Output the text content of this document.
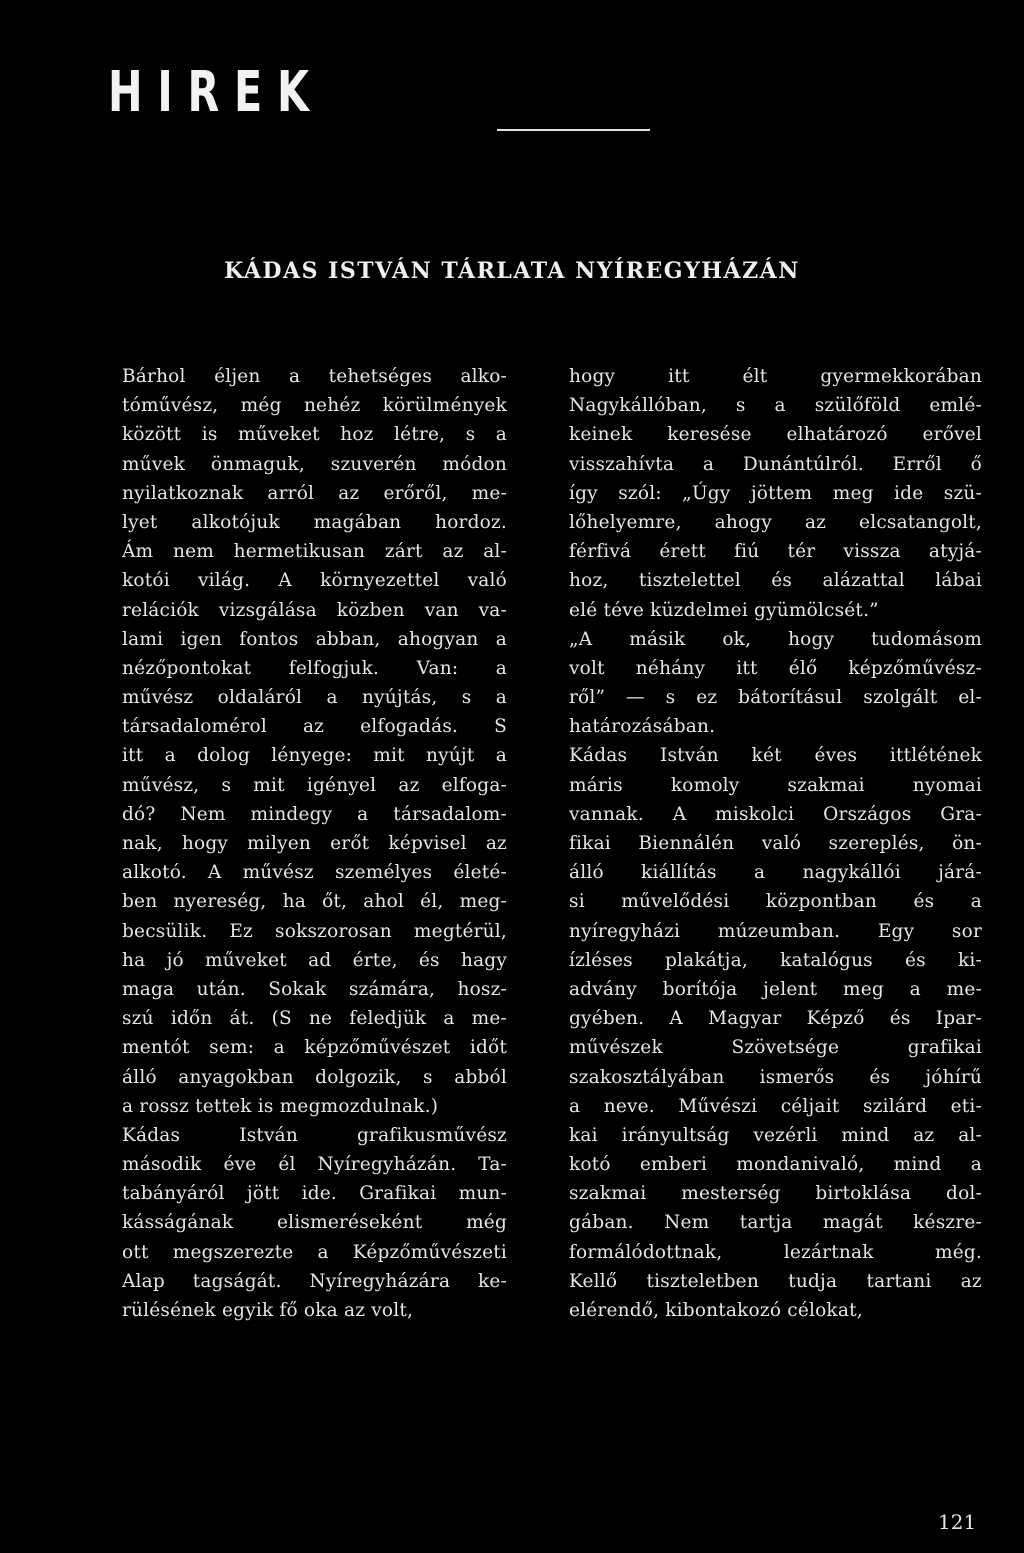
HIREK
KÁDAS ISTVÁN TÁRLATA NYÍREGYHÁZÁN
Bárhol éljen a tehetséges alko-
tóművész, még nehéz körülmények
között is műveket hoz létre, s a
művek önmaguk, szuverén módon
nyilatkoznak arról az erőről, me-
lyet alkotójuk magában hordoz.
Ám nem hermetikusan zárt az al-
kotói világ. A környezettel való
relációk vizsgálása közben van va-
lami igen fontos abban, ahogyan a
nézőpontokat felfogjuk. Van: a
művész oldaláról a nyújtás, s a
társadalomérol az elfogadás. S
itt a dolog lényege: mit nyújt a
művész, s mit igényel az elfoga-
dó? Nem mindegy a társadalom-
nak, hogy milyen erőt képvisel az
alkotó. A művész személyes életé-
ben nyereség, ha őt, ahol él, meg-
becsülik. Ez sokszorosan megtérül,
ha jó műveket ad érte, és hagy
maga után. Sokak számára, hosz-
szú időn át. (S ne feledjük a me-
mentót sem: a képzőművészet időt
álló anyagokban dolgozik, s abból
a rossz tettek is megmozdulnak.)
Kádas István grafikusművész
második éve él Nyíregyházán. Ta-
tabányáról jött ide. Grafikai mun-
kásságának elismeréseként még
ott megszerezte a Képzőművészeti
Alap tagságát. Nyíregyházára ke-
rülésének egyik fő oka az volt,
hogy itt élt gyermekkorában
Nagykállóban, s a szülőföld emlé-
keinek keresése elhatározó erővel
visszahívta a Dunántúlról. Erről ő
így szól: „Úgy jöttem meg ide szü-
lőhelyemre, ahogy az elcsatangolt,
férfivá érett fiú tér vissza atyjá-
hoz, tisztelettel és alázattal lábai
elé téve küzdelmei gyümölcsét.”
„A másik ok, hogy tudomásom
volt néhány itt élő képzőművész-
ről” — s ez bátorításul szolgált el-
határozásában.
Kádas István két éves ittlétének
máris komoly szakmai nyomai
vannak. A miskolci Országos Gra-
fikai Biennálén való szereplés, ön-
álló kiállítás a nagykállói járá-
si művelődési központban és a
nyíregyházi múzeumban. Egy sor
ízléses plakátja, katalógus és ki-
advány borítója jelent meg a me-
gyében. A Magyar Képző és Ipar-
művészek Szövetsége grafikai
szakosztályában ismerős és jóhírű
a neve. Művészi céljait szilárd eti-
kai irányultság vezérli mind az al-
kotó emberi mondanivaló, mind a
szakmai mesterség birtoklása dol-
gában. Nem tartja magát készre-
formálódottnak, lezártnak még.
Kellő tiszteletben tudja tartani az
elérendő, kibontakozó célokat,

121
